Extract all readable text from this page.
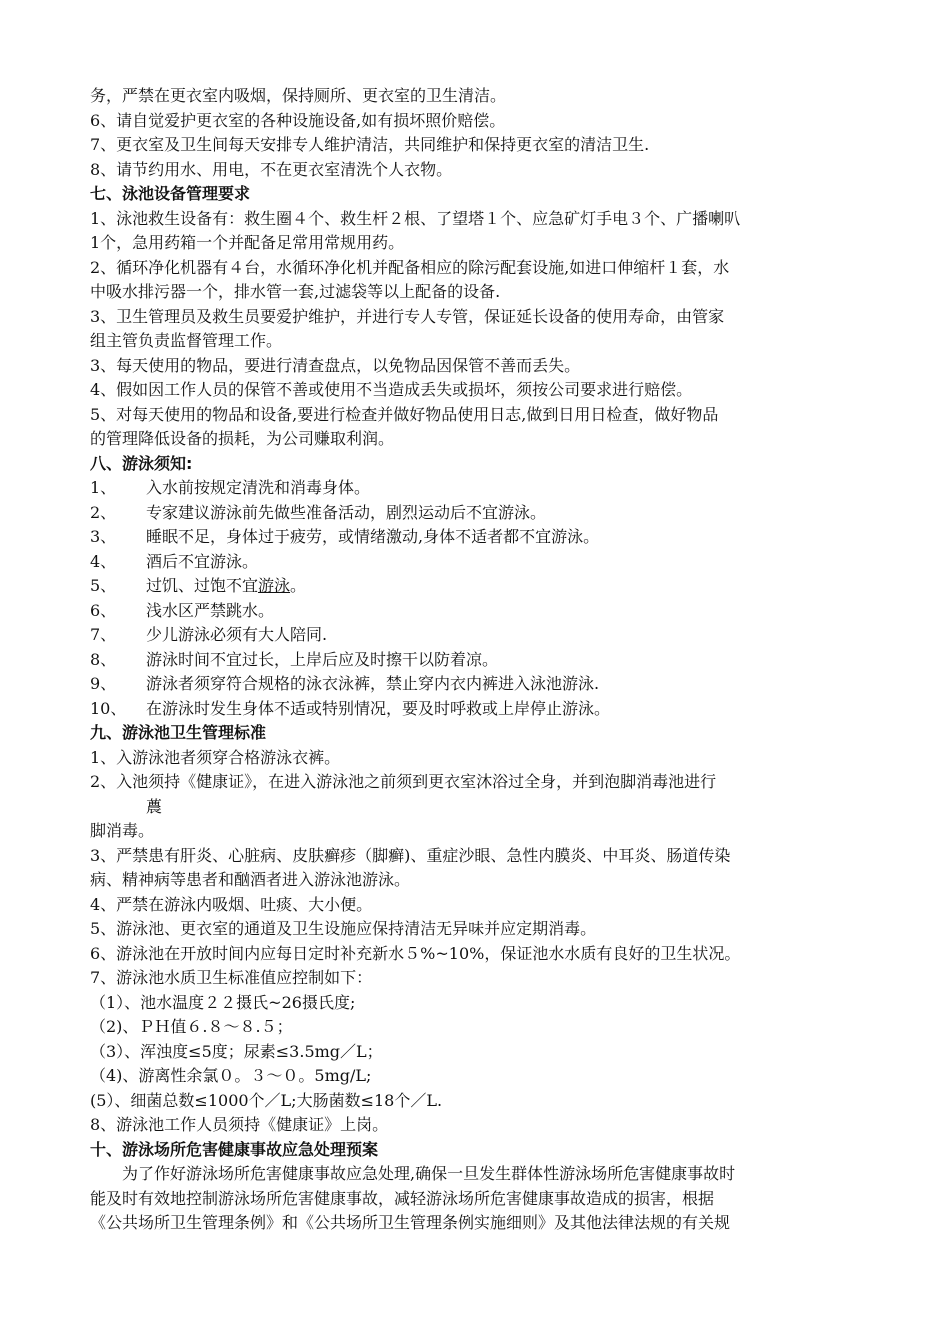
务，严禁在更衣室内吸烟，保持厕所、更衣室的卫生清洁。
6、请自觉爱护更衣室的各种设施设备,如有损坏照价赔偿。
7、更衣室及卫生间每天安排专人维护清洁，共同维护和保持更衣室的清洁卫生.
8、请节约用水、用电，不在更衣室清洗个人衣物。
七、泳池设备管理要求
1、泳池救生设备有：救生圈４个、救生杆２根、了望塔１个、应急矿灯手电３个、广播喇叭
1个，急用药箱一个并配备足常用常规用药。
2、循环净化机器有４台，水循环净化机并配备相应的除污配套设施,如进口伸缩杆１套，水
中吸水排污器一个，排水管一套,过滤袋等以上配备的设备.
3、卫生管理员及救生员要爱护维护，并进行专人专管，保证延长设备的使用寿命，由管家
组主管负责监督管理工作。
3、每天使用的物品，要进行清查盘点，以免物品因保管不善而丢失。
4、假如因工作人员的保管不善或使用不当造成丢失或损坏，须按公司要求进行赔偿。
5、对每天使用的物品和设备,要进行检查并做好物品使用日志,做到日用日检查，做好物品
的管理降低设备的损耗，为公司赚取利润。
八、游泳须知:
1、 入水前按规定清洗和消毒身体。
2、 专家建议游泳前先做些准备活动，剧烈运动后不宜游泳。
3、 睡眠不足，身体过于疲劳，或情绪激动,身体不适者都不宜游泳。
4、 酒后不宜游泳。
5、 过饥、过饱不宜游泳。
6、 浅水区严禁跳水。
7、 少儿游泳必须有大人陪同.
8、 游泳时间不宜过长，上岸后应及时擦干以防着凉。
9、 游泳者须穿符合规格的泳衣泳裤，禁止穿内衣内裤进入泳池游泳.
10、 在游泳时发生身体不适或特别情况，要及时呼救或上岸停止游泳。
九、游泳池卫生管理标准
1、入游泳池者须穿合格游泳衣裤。
2、入池须持《健康证》，在进入游泳池之前须到更衣室沐浴过全身，并到泡脚消毒池进行
蕽
脚消毒。
3、严禁患有肝炎、心脏病、皮肤癣疹（脚癣)、重症沙眼、急性内膜炎、中耳炎、肠道传染
病、精神病等患者和酗酒者进入游泳池游泳。
4、严禁在游泳内吸烟、吐痰、大小便。
5、游泳池、更衣室的通道及卫生设施应保持清洁无异味并应定期消毒。
6、游泳池在开放时间内应每日定时补充新水５%~10%，保证池水水质有良好的卫生状况。
7、游泳池水质卫生标准值应控制如下：
（1）、池水温度２２摄氏~26摄氏度;
（2)、ＰＨ值６.８～８.５；
（3）、浑浊度≤5度；尿素≤3.5mg／L；
（4)、游离性余氯０。３～０。5mg/L;
(5）、细菌总数≤1000个／L;大肠菌数≤18个／L.
8、游泳池工作人员须持《健康证》上岗。
十、游泳场所危害健康事故应急处理预案
为了作好游泳场所危害健康事故应急处理,确保一旦发生群体性游泳场所危害健康事故时
能及时有效地控制游泳场所危害健康事故，减轻游泳场所危害健康事故造成的损害，根据
《公共场所卫生管理条例》和《公共场所卫生管理条例实施细则》及其他法律法规的有关规
